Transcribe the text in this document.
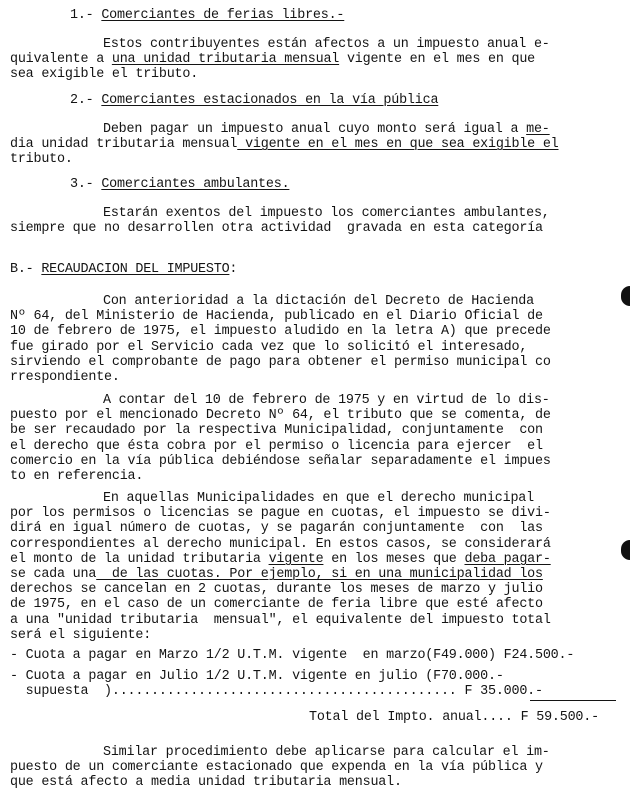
1.- Comerciantes de ferias libres.-
Estos contribuyentes están afectos a un impuesto anual e-
quivalente a una unidad tributaria mensual vigente en el mes en que
sea exigible el tributo.
2.- Comerciantes estacionados en la vía pública
Deben pagar un impuesto anual cuyo monto será igual a me-
dia unidad tributaria mensual vigente en el mes en que sea exigible el
tributo.
3.- Comerciantes ambulantes.
Estarán exentos del impuesto los comerciantes ambulantes,
siempre que no desarrollen otra actividad  gravada en esta categoría
B.- RECAUDACION DEL IMPUESTO:
Con anterioridad a la dictación del Decreto de Hacienda
Nº 64, del Ministerio de Hacienda, publicado en el Diario Oficial de
10 de febrero de 1975, el impuesto aludido en la letra A) que precede
fue girado por el Servicio cada vez que lo solicitó el interesado,
sirviendo el comprobante de pago para obtener el permiso municipal co
rrespondiente.
A contar del 10 de febrero de 1975 y en virtud de lo dis-
puesto por el mencionado Decreto Nº 64, el tributo que se comenta, de
be ser recaudado por la respectiva Municipalidad, conjuntamente  con
el derecho que ésta cobra por el permiso o licencia para ejercer  el
comercio en la vía pública debiéndose señalar separadamente el impues
to en referencia.
En aquellas Municipalidades en que el derecho municipal
por los permisos o licencias se pague en cuotas, el impuesto se divi-
dirá en igual número de cuotas, y se pagarán conjuntamente  con  las
correspondientes al derecho municipal. En estos casos, se considerará
el monto de la unidad tributaria vigente en los meses que deba pagar-
se cada una  de las cuotas. Por ejemplo, si en una municipalidad los
derechos se cancelan en 2 cuotas, durante los meses de marzo y julio
de 1975, en el caso de un comerciante de feria libre que esté afecto
a una "unidad tributaria  mensual", el equivalente del impuesto total
será el siguiente:
- Cuota a pagar en Marzo 1/2 U.T.M. vigente  en marzo(F49.000) F24.500.-
- Cuota a pagar en Julio 1/2 U.T.M. vigente en julio (F70.000.-
supuesta  )............................................ F 35.000.-
Total del Impto. anual.... F 59.500.-
Similar procedimiento debe aplicarse para calcular el im-
puesto de un comerciante estacionado que expenda en la vía pública y
que está afecto a media unidad tributaria mensual.
